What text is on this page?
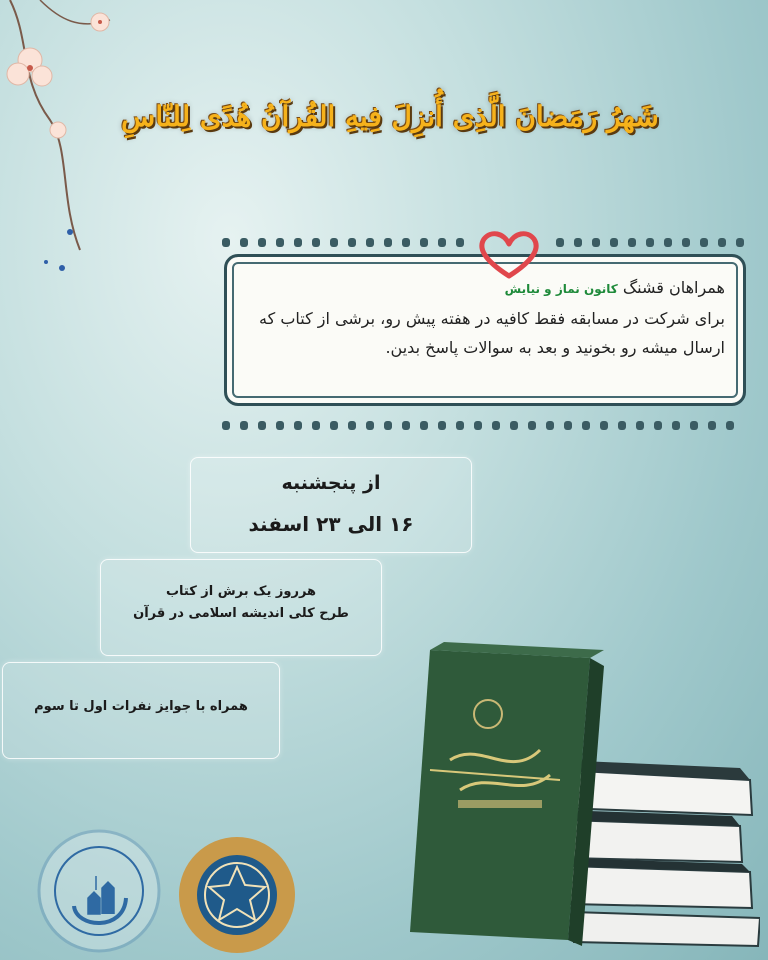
شَهرُ رَمَضانَ الَّذِی أُنزِلَ فِیهِ القُرآنُ هُدًی لِلنّاسِ
همراهان قشنگ کانون نماز و نیایش
برای شرکت در مسابقه فقط کافیه در هفته پیش رو، برشی از کتاب که ارسال میشه رو بخونید و بعد به سوالات پاسخ بدین.
از پنجشنبه
۱۶ الی ۲۳ اسفند
هرروز یک برش از کتاب
طرح کلی اندیشه اسلامی در قرآن
همراه با جوایز نفرات اول تا سوم
